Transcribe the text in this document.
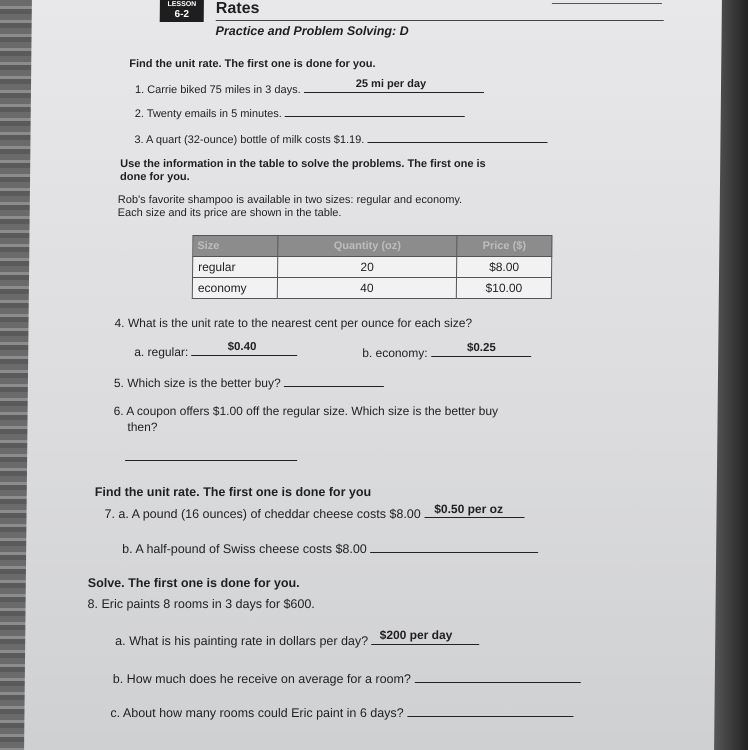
LESSON
6-2	Rates
Practice and Problem Solving: D
Find the unit rate. The first one is done for you.
1. Carrie biked 75 miles in 3 days.	25 mi per day
2. Twenty emails in 5 minutes.
3. A quart (32-ounce) bottle of milk costs $1.19.
Use the information in the table to solve the problems. The first one is
done for you.
Rob's favorite shampoo is available in two sizes: regular and economy.
Each size and its price are shown in the table.
Size	Quantity (oz)	Price ($)
regular	20	$8.00
economy	40	$10.00
4. What is the unit rate to the nearest cent per ounce for each size?
a. regular:	$0.40	b. economy:	$0.25
5. Which size is the better buy?
6. A coupon offers $1.00 off the regular size. Which size is the better buy
then?
Find the unit rate. The first one is done for you
7. a. A pound (16 ounces) of cheddar cheese costs $8.00 $0.50 per oz
b. A half-pound of Swiss cheese costs $8.00
Solve. The first one is done for you.
8. Eric paints 8 rooms in 3 days for $600.
a. What is his painting rate in dollars per day? $200 per day
b. How much does he receive on average for a room?
c. About how many rooms could Eric paint in 6 days?
